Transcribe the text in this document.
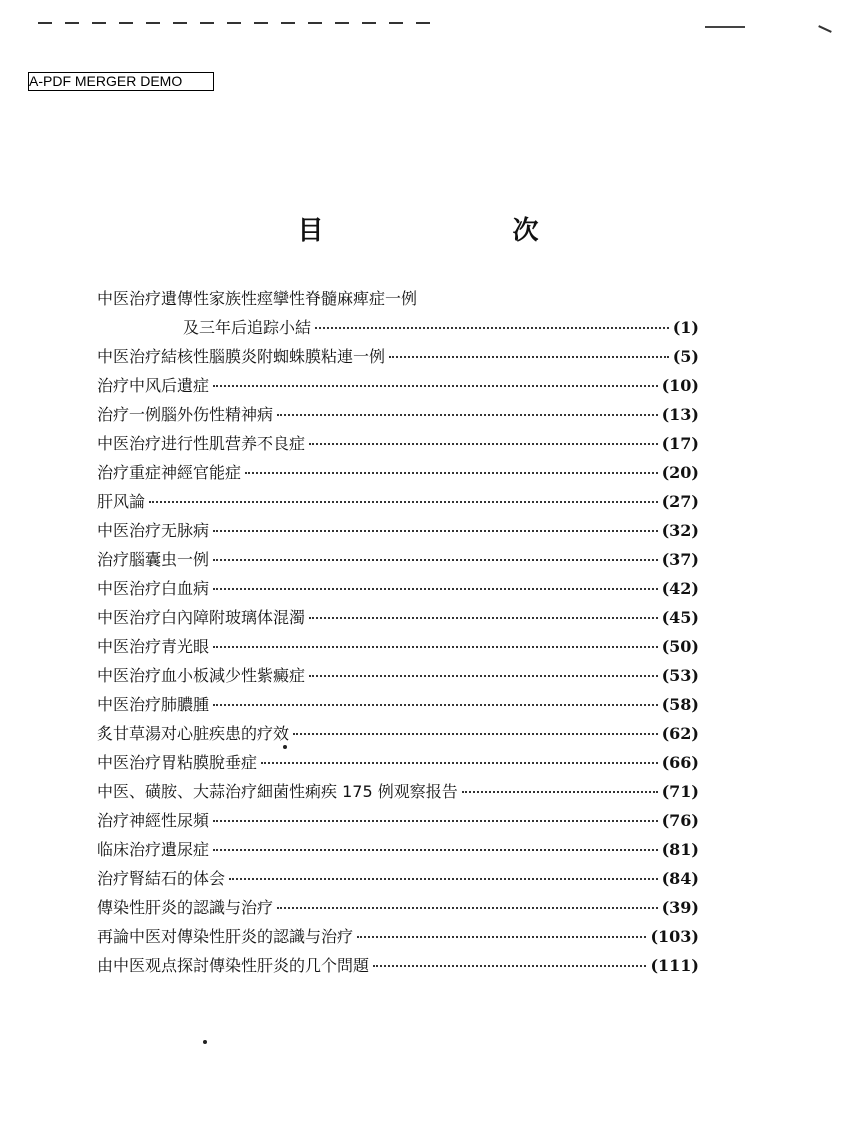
A-PDF MERGER DEMO
目 次
中医治疗遺傳性家族性痙攣性脊髓麻痺症一例
及三年后追踪小結	(1)
中医治疗結核性腦膜炎附蜘蛛膜粘連一例	(5)
治疗中风后遺症	(10)
治疗一例腦外伤性精神病	(13)
中医治疗进行性肌营养不良症	(17)
治疗重症神經官能症	(20)
肝风論	(27)
中医治疗无脉病	(32)
治疗腦囊虫一例	(37)
中医治疗白血病	(42)
中医治疗白內障附玻璃体混濁	(45)
中医治疗青光眼	(50)
中医治疗血小板減少性紫癜症	(53)
中医治疗肺膿腫	(58)
炙甘草湯对心脏疾患的疗效	(62)
中医治疗胃粘膜脫垂症	(66)
中医、磺胺、大蒜治疗細菌性痢疾 175 例观察报告	(71)
治疗神經性尿頻	(76)
临床治疗遺尿症	(81)
治疗腎結石的体会	(84)
傳染性肝炎的認識与治疗	(39)
再論中医对傳染性肝炎的認識与治疗	(103)
由中医观点探討傳染性肝炎的几个問題	(111)
